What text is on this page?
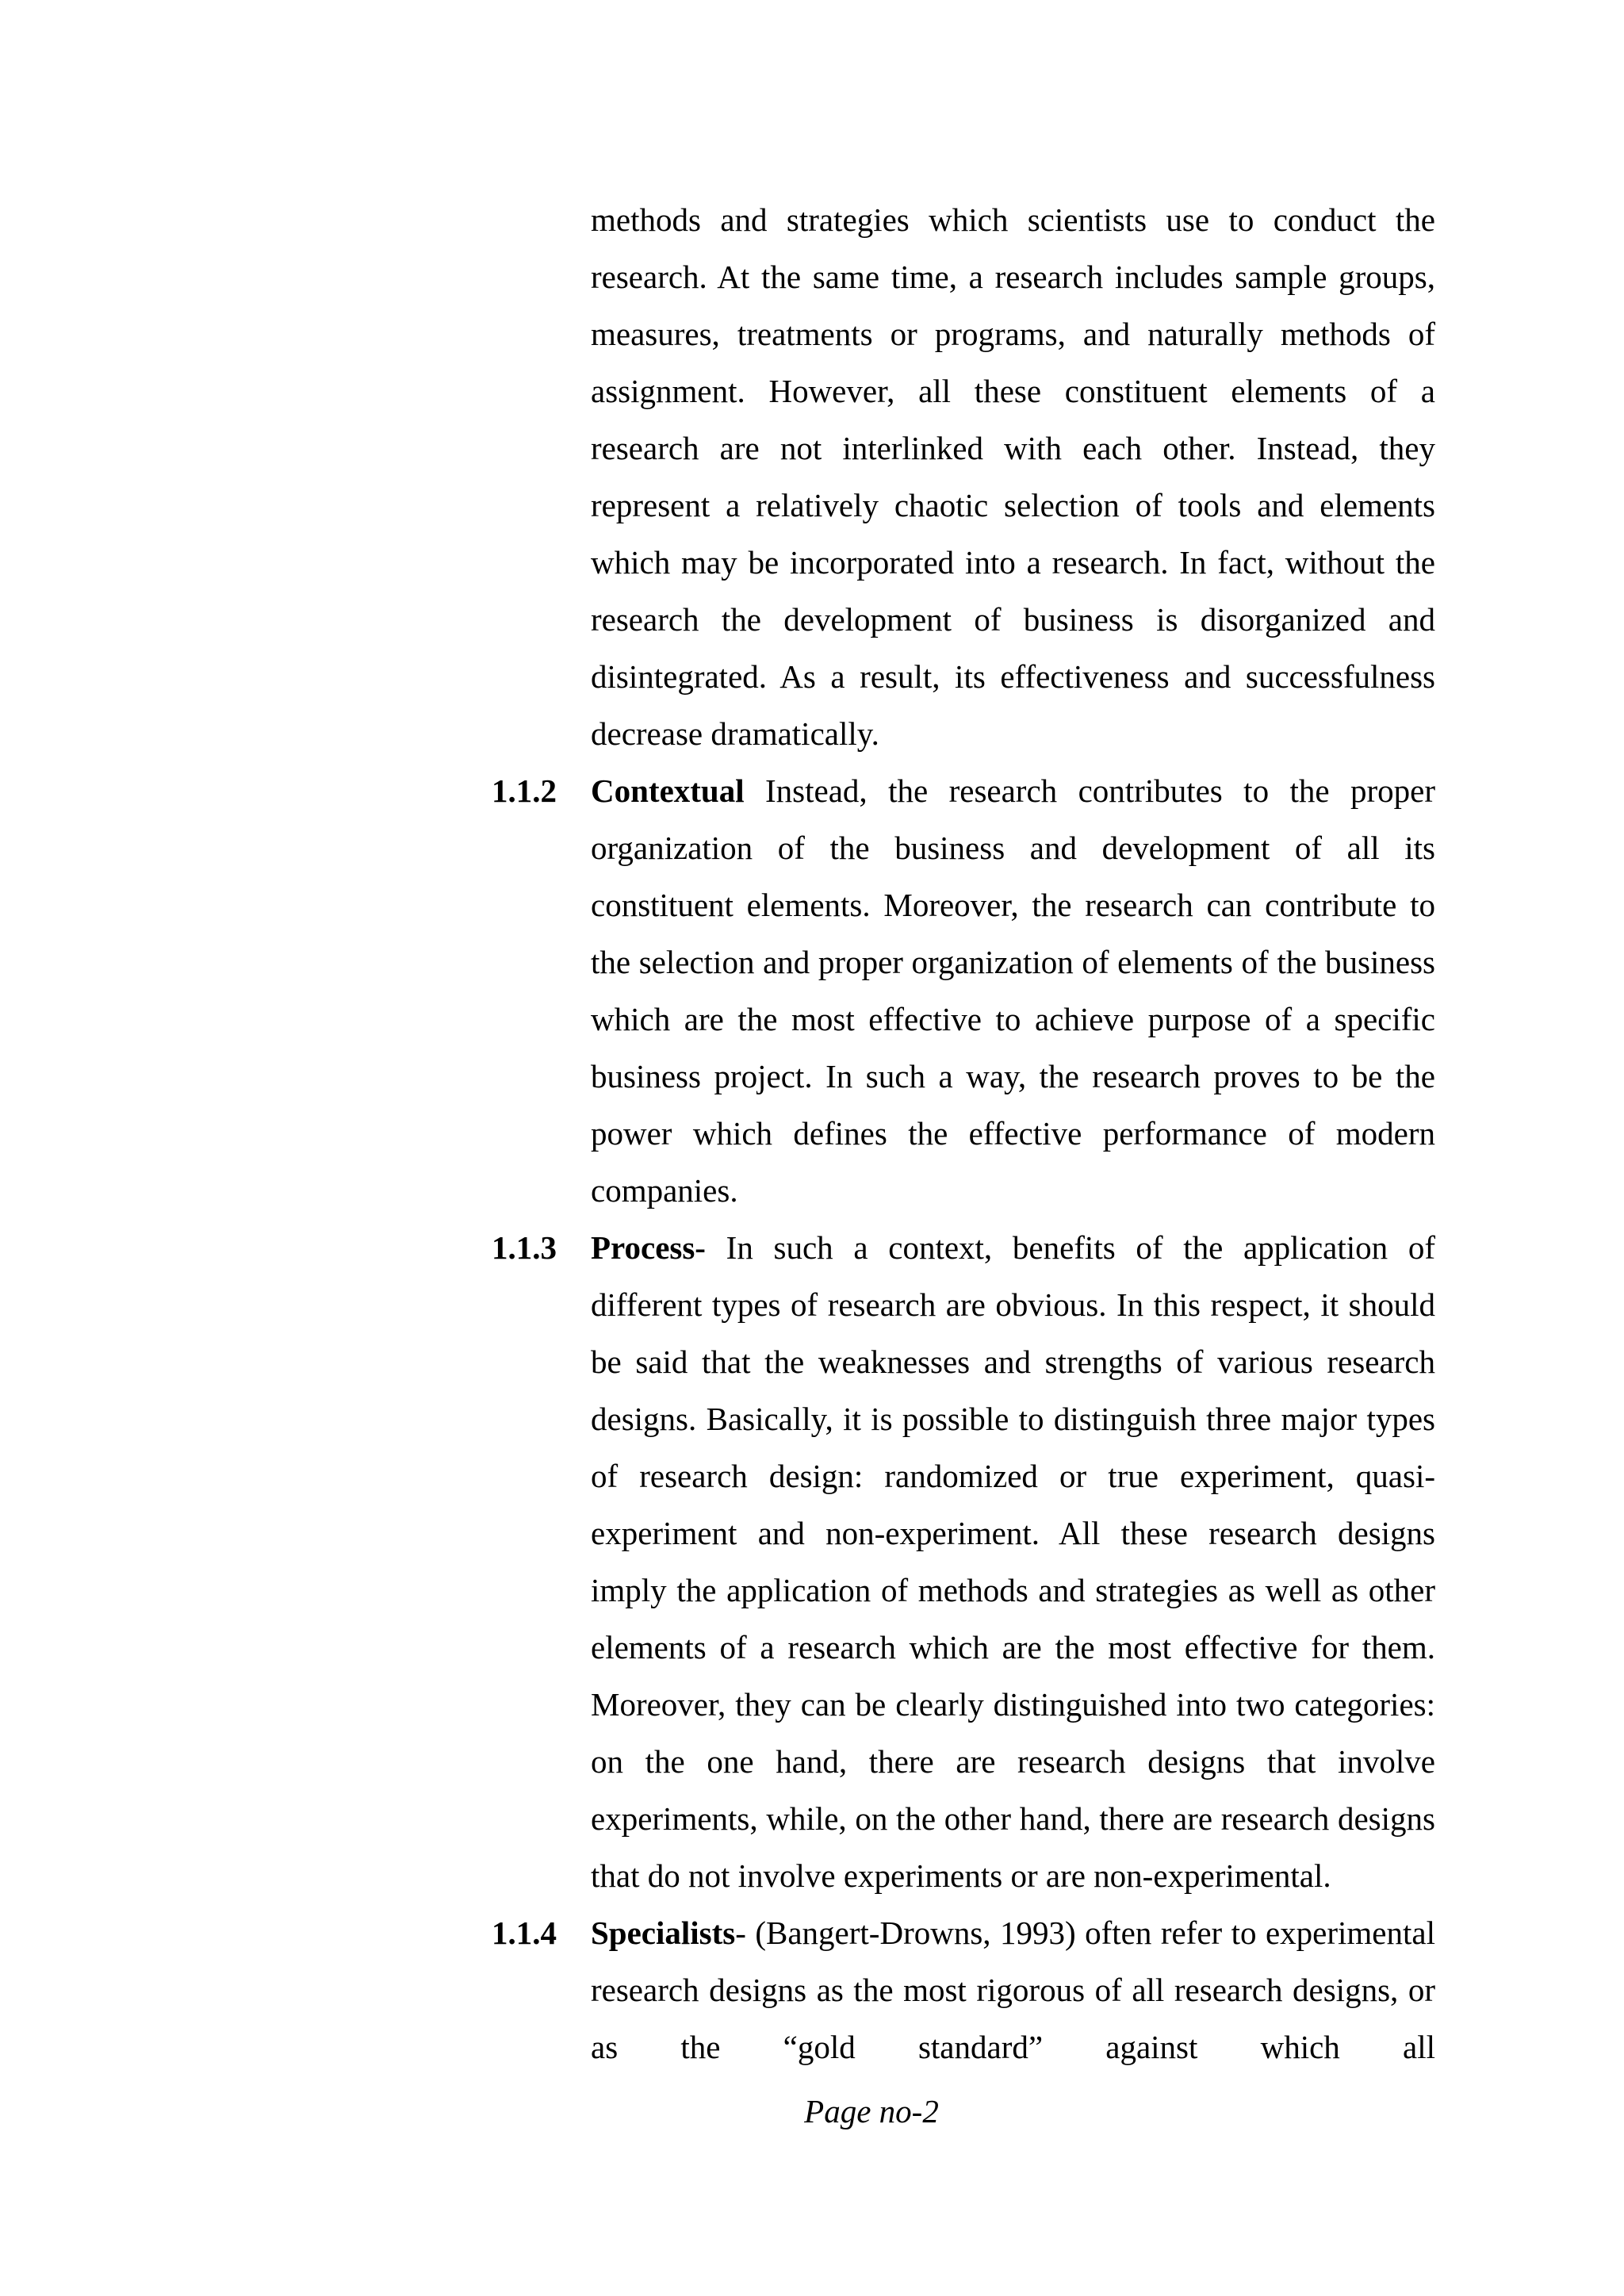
methods and strategies which scientists use to conduct the research. At the same time, a research includes sample groups, measures, treatments or programs, and naturally methods of assignment. However, all these constituent elements of a research are not interlinked with each other. Instead, they represent a relatively chaotic selection of tools and elements which may be incorporated into a research. In fact, without the research the development of business is disorganized and disintegrated. As a result, its effectiveness and successfulness decrease dramatically.

1.1.2 Contextual Instead, the research contributes to the proper organization of the business and development of all its constituent elements. Moreover, the research can contribute to the selection and proper organization of elements of the business which are the most effective to achieve purpose of a specific business project. In such a way, the research proves to be the power which defines the effective performance of modern companies.

1.1.3 Process- In such a context, benefits of the application of different types of research are obvious. In this respect, it should be said that the weaknesses and strengths of various research designs. Basically, it is possible to distinguish three major types of research design: randomized or true experiment, quasi-experiment and non-experiment. All these research designs imply the application of methods and strategies as well as other elements of a research which are the most effective for them. Moreover, they can be clearly distinguished into two categories: on the one hand, there are research designs that involve experiments, while, on the other hand, there are research designs that do not involve experiments or are non-experimental.

1.1.4 Specialists- (Bangert-Drowns, 1993) often refer to experimental research designs as the most rigorous of all research designs, or as the “gold standard” against which all

Page no-2
